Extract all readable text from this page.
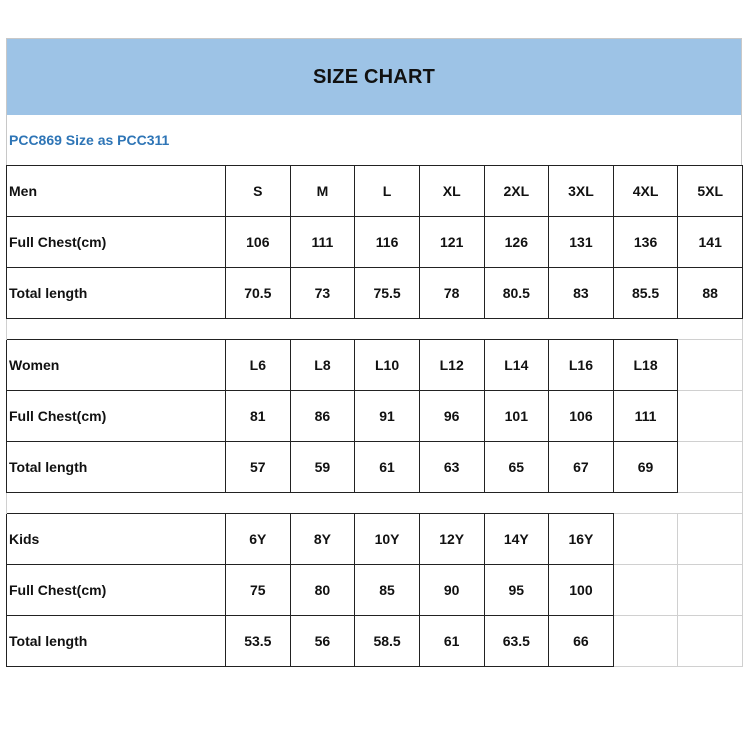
SIZE CHART
PCC869 Size as PCC311
Men	S	M	L	XL	2XL	3XL	4XL	5XL
Full Chest(cm)	106	111	116	121	126	131	136	141
Total length	70.5	73	75.5	78	80.5	83	85.5	88

Women	L6	L8	L10	L12	L14	L16	L18	
Full Chest(cm)	81	86	91	96	101	106	111	
Total length	57	59	61	63	65	67	69	

Kids	6Y	8Y	10Y	12Y	14Y	16Y		
Full Chest(cm)	75	80	85	90	95	100		
Total length	53.5	56	58.5	61	63.5	66		
